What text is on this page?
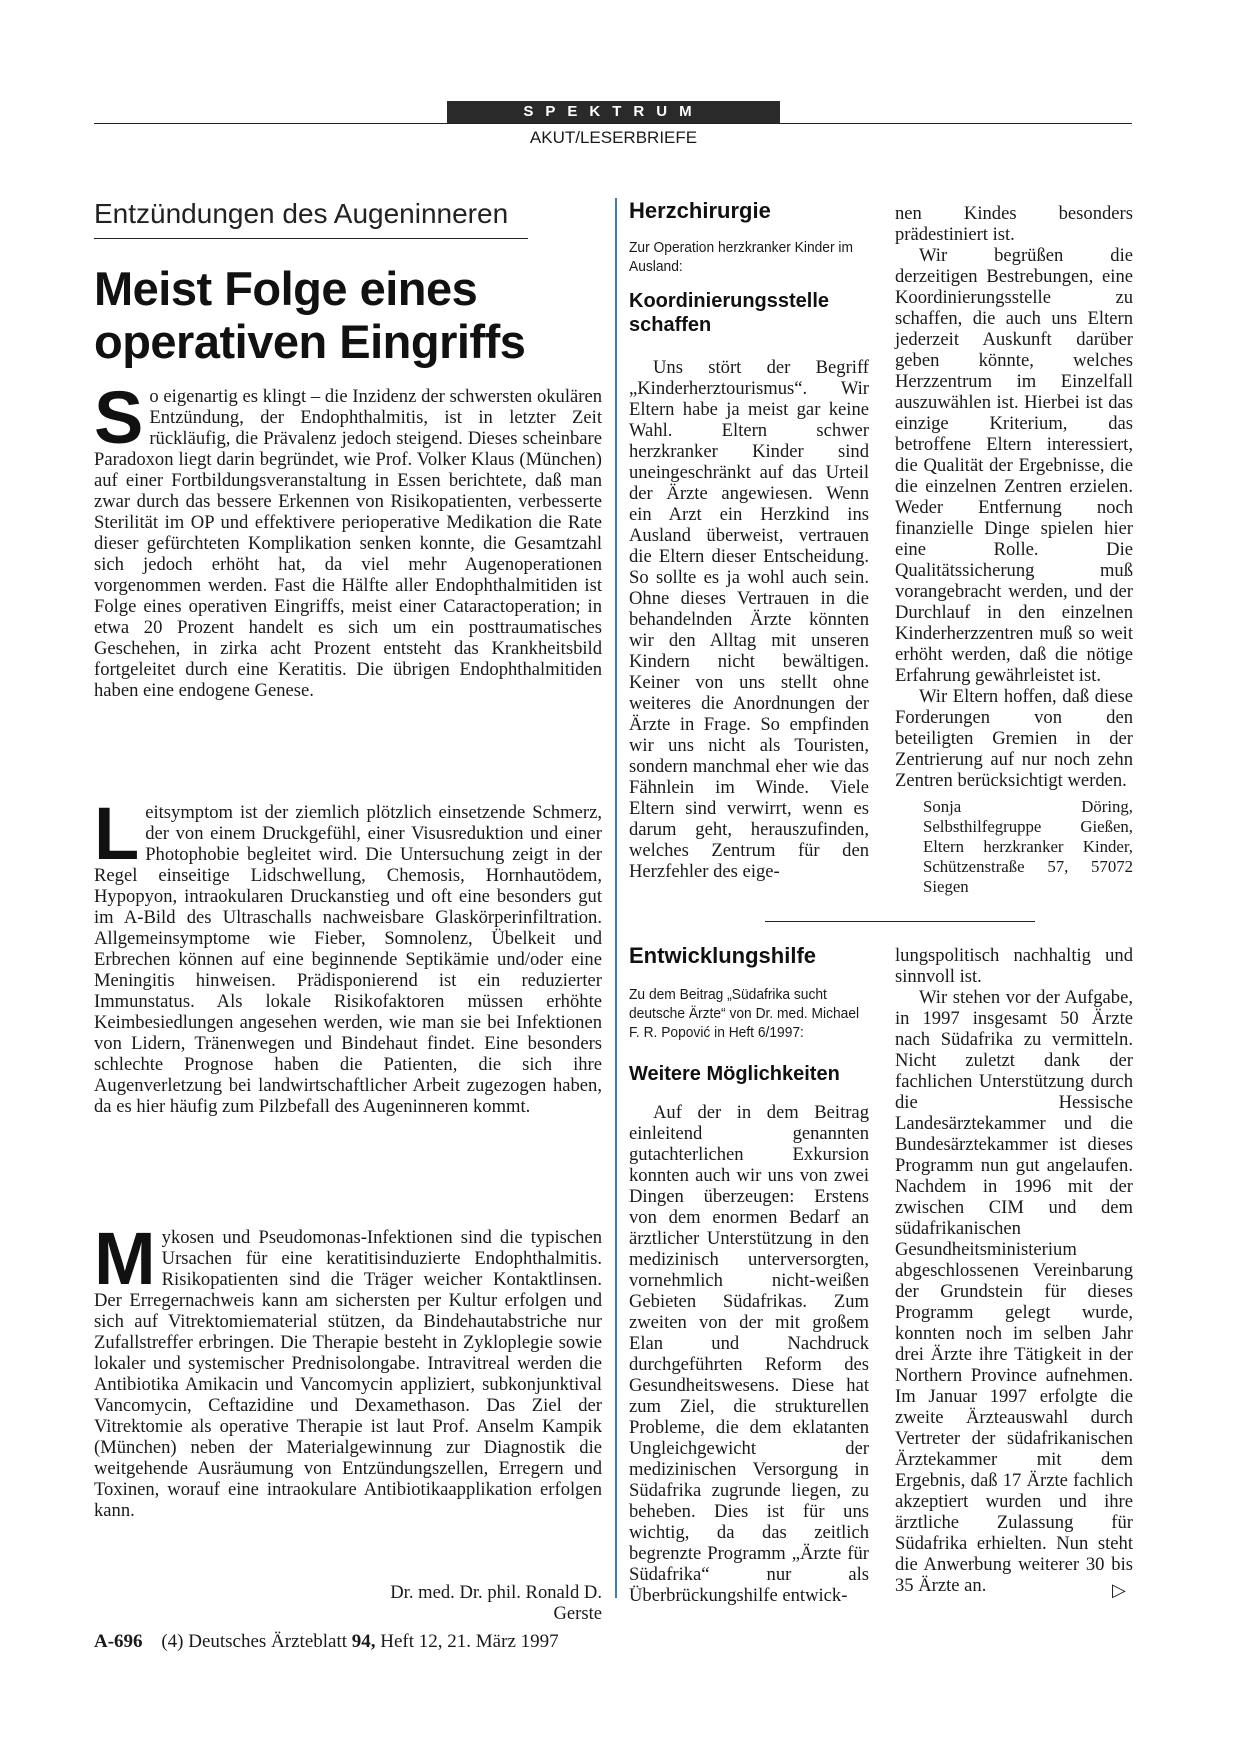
SPEKTRUM
AKUT/LESERBRIEFE
Entzündungen des Augeninneren
Meist Folge eines
operativen Eingriffs
So eigenartig es klingt – die Inzidenz der schwersten okulären Entzündung, der Endophthalmitis, ist in letzter Zeit rückläufig, die Prävalenz jedoch steigend. Dieses scheinbare Paradoxon liegt darin begründet, wie Prof. Volker Klaus (München) auf einer Fortbildungsveranstaltung in Essen berichtete, daß man zwar durch das bessere Erkennen von Risikopatienten, verbesserte Sterilität im OP und effektivere perioperative Medikation die Rate dieser gefürchteten Komplikation senken konnte, die Gesamtzahl sich jedoch erhöht hat, da viel mehr Augenoperationen vorgenommen werden. Fast die Hälfte aller Endophthalmitiden ist Folge eines operativen Eingriffs, meist einer Cataractoperation; in etwa 20 Prozent handelt es sich um ein posttraumatisches Geschehen, in zirka acht Prozent entsteht das Krankheitsbild fortgeleitet durch eine Keratitis. Die übrigen Endophthalmitiden haben eine endogene Genese.
Leitsymptom ist der ziemlich plötzlich einsetzende Schmerz, der von einem Druckgefühl, einer Visusreduktion und einer Photophobie begleitet wird. Die Untersuchung zeigt in der Regel einseitige Lidschwellung, Chemosis, Hornhautödem, Hypopyon, intraokularen Druckanstieg und oft eine besonders gut im A-Bild des Ultraschalls nachweisbare Glaskörperinfiltration. Allgemeinsymptome wie Fieber, Somnolenz, Übelkeit und Erbrechen können auf eine beginnende Septikämie und/oder eine Meningitis hinweisen. Prädisponierend ist ein reduzierter Immunstatus. Als lokale Risikofaktoren müssen erhöhte Keimbesiedlungen angesehen werden, wie man sie bei Infektionen von Lidern, Tränenwegen und Bindehaut findet. Eine besonders schlechte Prognose haben die Patienten, die sich ihre Augenverletzung bei landwirtschaftlicher Arbeit zugezogen haben, da es hier häufig zum Pilzbefall des Augeninneren kommt.
Mykosen und Pseudomonas-Infektionen sind die typischen Ursachen für eine keratitisinduzierte Endophthalmitis. Risikopatienten sind die Träger weicher Kontaktlinsen. Der Erregernachweis kann am sichersten per Kultur erfolgen und sich auf Vitrektomiematerial stützen, da Bindehautabstriche nur Zufallstreffer erbringen. Die Therapie besteht in Zykloplegie sowie lokaler und systemischer Prednisolongabe. Intravitreal werden die Antibiotika Amikacin und Vancomycin appliziert, subkonjunktival Vancomycin, Ceftazidine und Dexamethason. Das Ziel der Vitrektomie als operative Therapie ist laut Prof. Anselm Kampik (München) neben der Materialgewinnung zur Diagnostik die weitgehende Ausräumung von Entzündungszellen, Erregern und Toxinen, worauf eine intraokulare Antibiotikaapplikation erfolgen kann.
Dr. med. Dr. phil. Ronald D. Gerste
Herzchirurgie
Zur Operation herzkranker Kinder im Ausland:
Koordinierungsstelle schaffen
Uns stört der Begriff „Kinderherztourismus“. Wir Eltern habe ja meist gar keine Wahl. Eltern schwer herzkranker Kinder sind uneingeschränkt auf das Urteil der Ärzte angewiesen. Wenn ein Arzt ein Herzkind ins Ausland überweist, vertrauen die Eltern dieser Entscheidung. So sollte es ja wohl auch sein. Ohne dieses Vertrauen in die behandelnden Ärzte könnten wir den Alltag mit unseren Kindern nicht bewältigen. Keiner von uns stellt ohne weiteres die Anordnungen der Ärzte in Frage. So empfinden wir uns nicht als Touristen, sondern manchmal eher wie das Fähnlein im Winde. Viele Eltern sind verwirrt, wenn es darum geht, herauszufinden, welches Zentrum für den Herzfehler des eige-
nen Kindes besonders prädestiniert ist.
Wir begrüßen die derzeitigen Bestrebungen, eine Koordinierungsstelle zu schaffen, die auch uns Eltern jederzeit Auskunft darüber geben könnte, welches Herzzentrum im Einzelfall auszuwählen ist. Hierbei ist das einzige Kriterium, das betroffene Eltern interessiert, die Qualität der Ergebnisse, die die einzelnen Zentren erzielen. Weder Entfernung noch finanzielle Dinge spielen hier eine Rolle. Die Qualitätssicherung muß vorangebracht werden, und der Durchlauf in den einzelnen Kinderherzzentren muß so weit erhöht werden, daß die nötige Erfahrung gewährleistet ist.
Wir Eltern hoffen, daß diese Forderungen von den beteiligten Gremien in der Zentrierung auf nur noch zehn Zentren berücksichtigt werden.
Sonja Döring, Selbsthilfegruppe Gießen, Eltern herzkranker Kinder, Schützenstraße 57, 57072 Siegen
Entwicklungshilfe
Zu dem Beitrag „Südafrika sucht deutsche Ärzte“ von Dr. med. Michael F. R. Popović in Heft 6/1997:
Weitere Möglichkeiten
Auf der in dem Beitrag einleitend genannten gutachterlichen Exkursion konnten auch wir uns von zwei Dingen überzeugen: Erstens von dem enormen Bedarf an ärztlicher Unterstützung in den medizinisch unterversorgten, vornehmlich nicht-weißen Gebieten Südafrikas. Zum zweiten von der mit großem Elan und Nachdruck durchgeführten Reform des Gesundheitswesens. Diese hat zum Ziel, die strukturellen Probleme, die dem eklatanten Ungleichgewicht der medizinischen Versorgung in Südafrika zugrunde liegen, zu beheben. Dies ist für uns wichtig, da das zeitlich begrenzte Programm „Ärzte für Südafrika“ nur als Überbrückungshilfe entwick-
lungspolitisch nachhaltig und sinnvoll ist.
Wir stehen vor der Aufgabe, in 1997 insgesamt 50 Ärzte nach Südafrika zu vermitteln. Nicht zuletzt dank der fachlichen Unterstützung durch die Hessische Landesärztekammer und die Bundesärztekammer ist dieses Programm nun gut angelaufen. Nachdem in 1996 mit der zwischen CIM und dem südafrikanischen Gesundheitsministerium abgeschlossenen Vereinbarung der Grundstein für dieses Programm gelegt wurde, konnten noch im selben Jahr drei Ärzte ihre Tätigkeit in der Northern Province aufnehmen. Im Januar 1997 erfolgte die zweite Ärzteauswahl durch Vertreter der südafrikanischen Ärztekammer mit dem Ergebnis, daß 17 Ärzte fachlich akzeptiert wurden und ihre ärztliche Zulassung für Südafrika erhielten. Nun steht die Anwerbung weiterer 30 bis 35 Ärzte an.	▷
A-696 (4) Deutsches Ärzteblatt 94, Heft 12, 21. März 1997
